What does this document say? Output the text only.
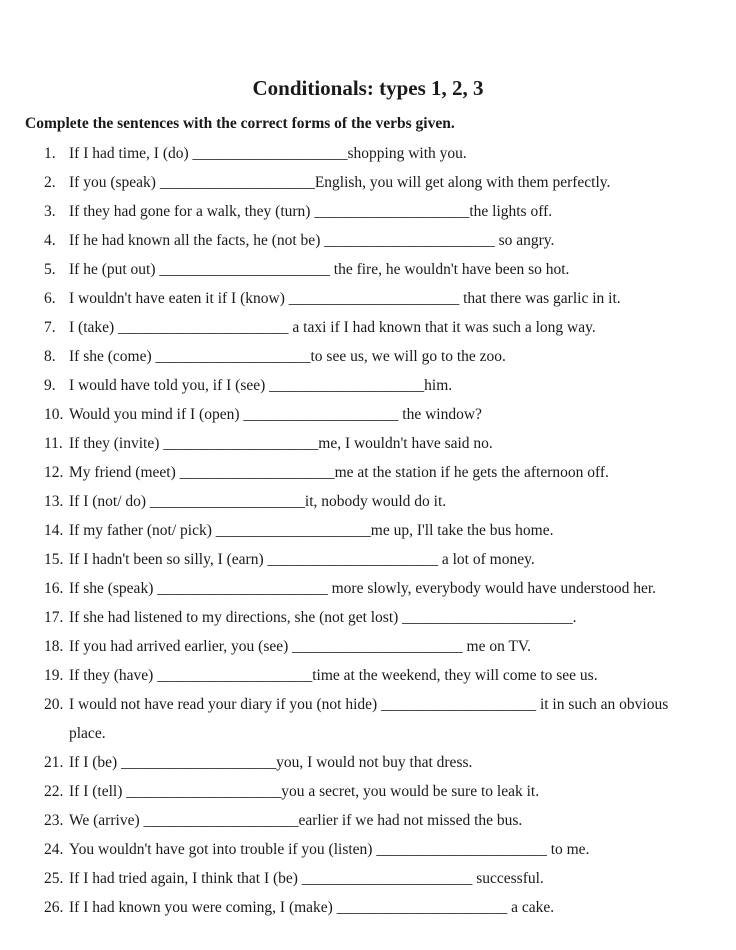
Conditionals: types 1, 2, 3
Complete the sentences with the correct forms of the verbs given.
1. If I had time, I (do) ____________________shopping with you.
2. If you (speak) ____________________English, you will get along with them perfectly.
3. If they had gone for a walk, they (turn) ____________________the lights off.
4. If he had known all the facts, he (not be) ______________________ so angry.
5. If he (put out) ______________________ the fire, he wouldn't have been so hot.
6. I wouldn't have eaten it if I (know) ______________________ that there was garlic in it.
7. I (take) ______________________ a taxi if I had known that it was such a long way.
8. If she (come) ____________________to see us, we will go to the zoo.
9. I would have told you, if I (see) ____________________him.
10. Would you mind if I (open) ____________________ the window?
11. If they (invite) ____________________me, I wouldn't have said no.
12. My friend (meet) ____________________me at the station if he gets the afternoon off.
13. If I (not/ do) ____________________it, nobody would do it.
14. If my father (not/ pick) ____________________me up, I'll take the bus home.
15. If I hadn't been so silly, I (earn) ______________________ a lot of money.
16. If she (speak) ______________________ more slowly, everybody would have understood her.
17. If she had listened to my directions, she (not get lost) ______________________.
18. If you had arrived earlier, you (see) ______________________ me on TV.
19. If they (have) ____________________time at the weekend, they will come to see us.
20. I would not have read your diary if you (not hide) ____________________ it in such an obvious place.
21. If I (be) ____________________you, I would not buy that dress.
22. If I (tell) ____________________you a secret, you would be sure to leak it.
23. We (arrive) ____________________earlier if we had not missed the bus.
24. You wouldn't have got into trouble if you (listen) ______________________ to me.
25. If I had tried again, I think that I (be) ______________________ successful.
26. If I had known you were coming, I (make) ______________________ a cake.
